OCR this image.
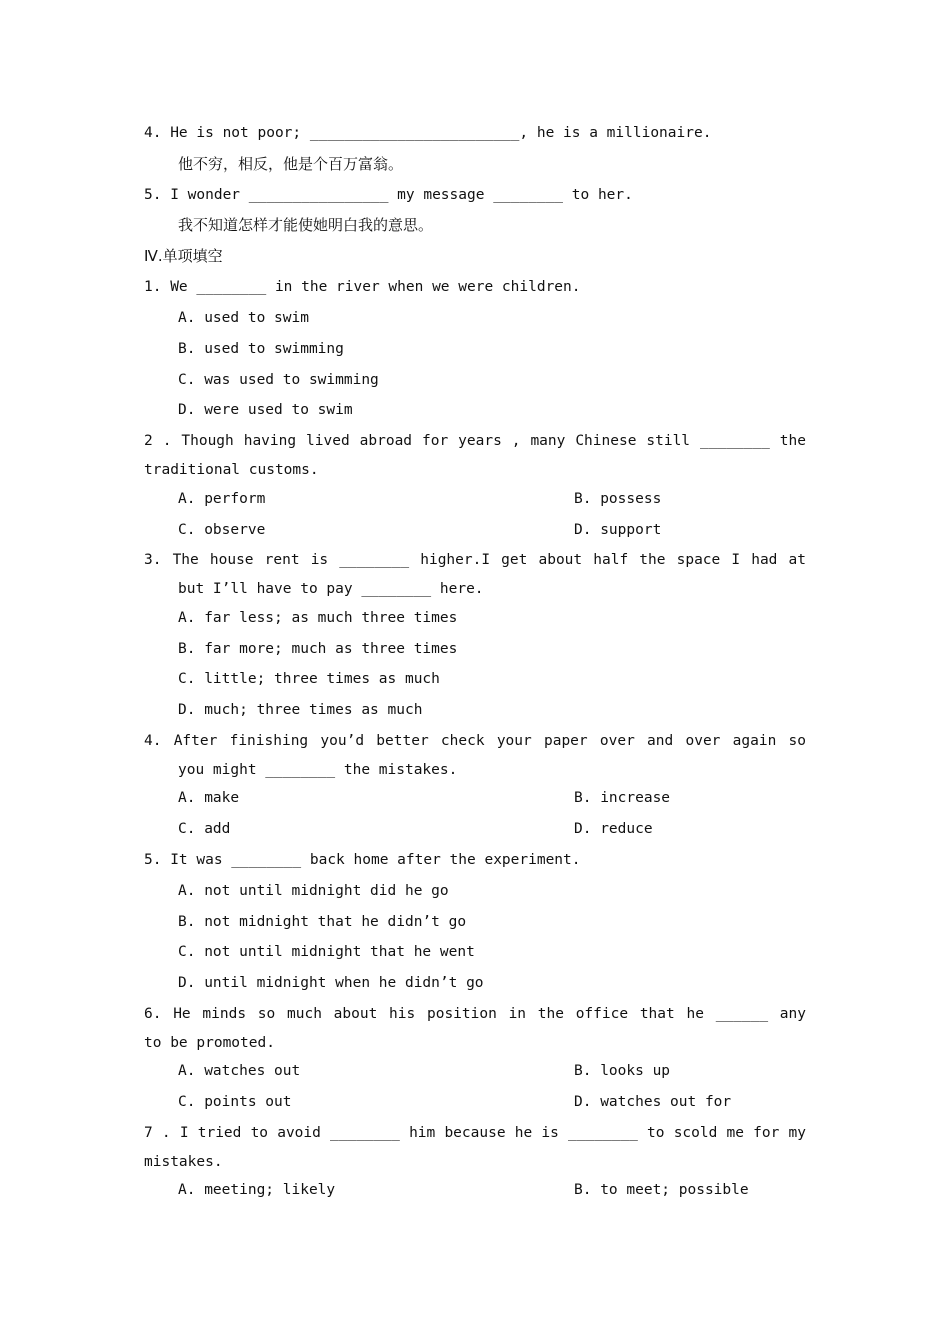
4. He is not poor; ________________________, he is a millionaire.
他不穷，相反，他是个百万富翁。
5. I wonder ________________ my message ________ to her.
我不知道怎样才能使她明白我的意思。
Ⅳ.单项填空
1. We ________ in the river when we were children.
A. used to swim
B. used to swimming
C. was used to swimming
D. were used to swim
2 . Though having lived abroad for years , many Chinese still ________ the
traditional customs.
A. perform	B. possess
C. observe	D. support
3. The house rent is ________ higher.I get about half the space I had at
but I’ll have to pay ________ here.
A. far less; as much three times
B. far more; much as three times
C. little; three times as much
D. much; three times as much
4. After finishing you’d better check your paper over and over again so
you might ________ the mistakes.
A. make	B. increase
C. add	D. reduce
5. It was ________ back home after the experiment.
A. not until midnight did he go
B. not midnight that he didn’t go
C. not until midnight that he went
D. until midnight when he didn’t go
6. He minds so much about his position in the office that he ______ any
to be promoted.
A. watches out	B. looks up
C. points out	D. watches out for
7 . I tried to avoid ________ him because he is ________ to scold me for my
mistakes.
A. meeting; likely	B. to meet; possible
